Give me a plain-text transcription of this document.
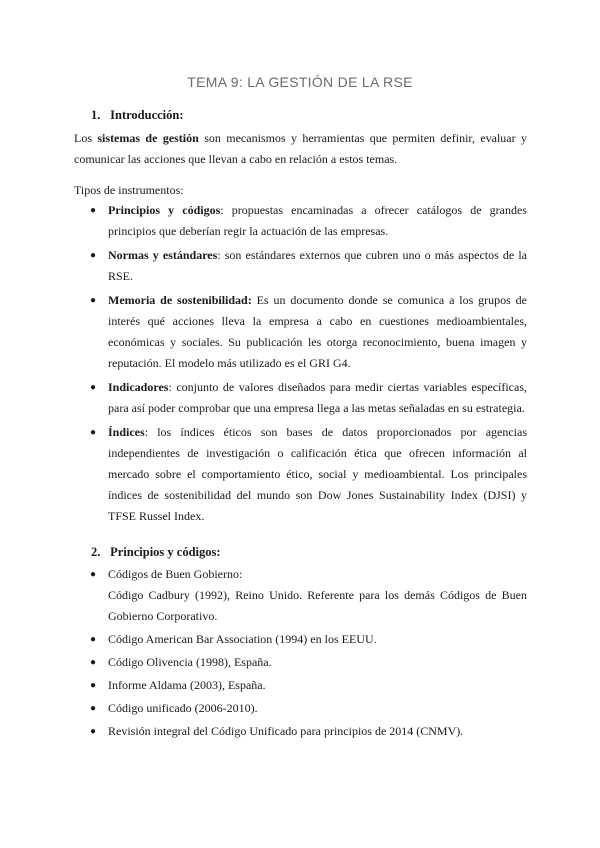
TEMA 9: LA GESTIÓN DE LA RSE
1. Introducción:
Los sistemas de gestión son mecanismos y herramientas que permiten definir, evaluar y comunicar las acciones que llevan a cabo en relación a estos temas.
Tipos de instrumentos:
● Principios y códigos: propuestas encaminadas a ofrecer catálogos de grandes principios que deberían regir la actuación de las empresas.
● Normas y estándares: son estándares externos que cubren uno o más aspectos de la RSE.
● Memoria de sostenibilidad: Es un documento donde se comunica a los grupos de interés qué acciones lleva la empresa a cabo en cuestiones medioambientales, económicas y sociales. Su publicación les otorga reconocimiento, buena imagen y reputación. El modelo más utilizado es el GRI G4.
● Indicadores: conjunto de valores diseñados para medir ciertas variables específicas, para así poder comprobar que una empresa llega a las metas señaladas en su estrategia.
● Índices: los índices éticos son bases de datos proporcionados por agencias independientes de investigación o calificación ética que ofrecen información al mercado sobre el comportamiento ético, social y medioambiental. Los principales índices de sostenibilidad del mundo son Dow Jones Sustainability Index (DJSI) y TFSE Russel Index.
2. Principios y códigos:
● Códigos de Buen Gobierno:

Código Cadbury (1992), Reino Unido. Referente para los demás Códigos de Buen Gobierno Corporativo.
● Código American Bar Association (1994) en los EEUU.
● Código Olivencia (1998), España.
● Informe Aldama (2003), España.
● Código unificado (2006-2010).
● Revisión integral del Código Unificado para principios de 2014 (CNMV).
